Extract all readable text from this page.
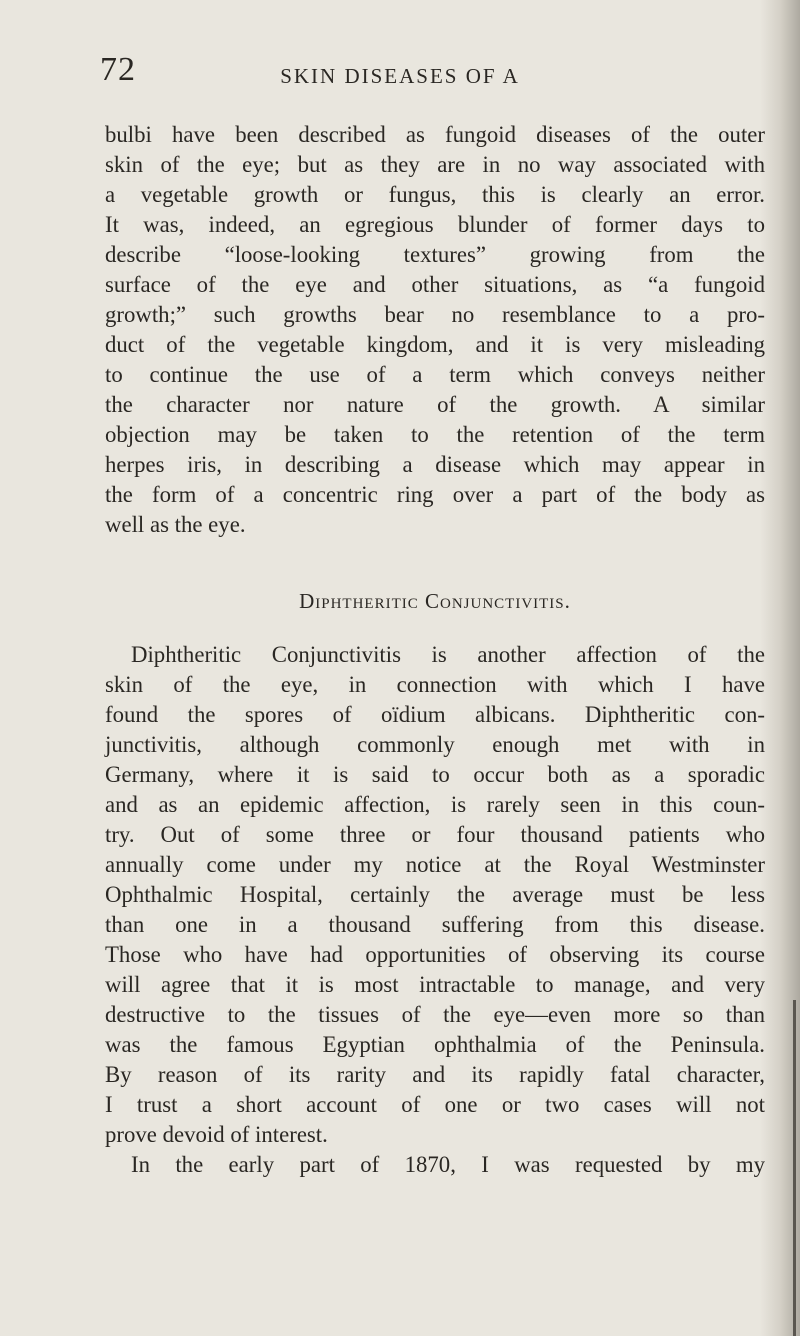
72	SKIN DISEASES OF A
bulbi have been described as fungoid diseases of the outer
skin of the eye; but as they are in no way associated with
a vegetable growth or fungus, this is clearly an error.
It was, indeed, an egregious blunder of former days to
describe “loose-looking textures” growing from the
surface of the eye and other situations, as “a fungoid
growth;” such growths bear no resemblance to a pro-
duct of the vegetable kingdom, and it is very misleading
to continue the use of a term which conveys neither
the character nor nature of the growth. A similar
objection may be taken to the retention of the term
herpes iris, in describing a disease which may appear in
the form of a concentric ring over a part of the body as
well as the eye.
Diphtheritic Conjunctivitis.
Diphtheritic Conjunctivitis is another affection of the
skin of the eye, in connection with which I have
found the spores of oïdium albicans. Diphtheritic con-
junctivitis, although commonly enough met with in
Germany, where it is said to occur both as a sporadic
and as an epidemic affection, is rarely seen in this coun-
try. Out of some three or four thousand patients who
annually come under my notice at the Royal Westminster
Ophthalmic Hospital, certainly the average must be less
than one in a thousand suffering from this disease.
Those who have had opportunities of observing its course
will agree that it is most intractable to manage, and very
destructive to the tissues of the eye—even more so than
was the famous Egyptian ophthalmia of the Peninsula.
By reason of its rarity and its rapidly fatal character,
I trust a short account of one or two cases will not
prove devoid of interest.
In the early part of 1870, I was requested by my
